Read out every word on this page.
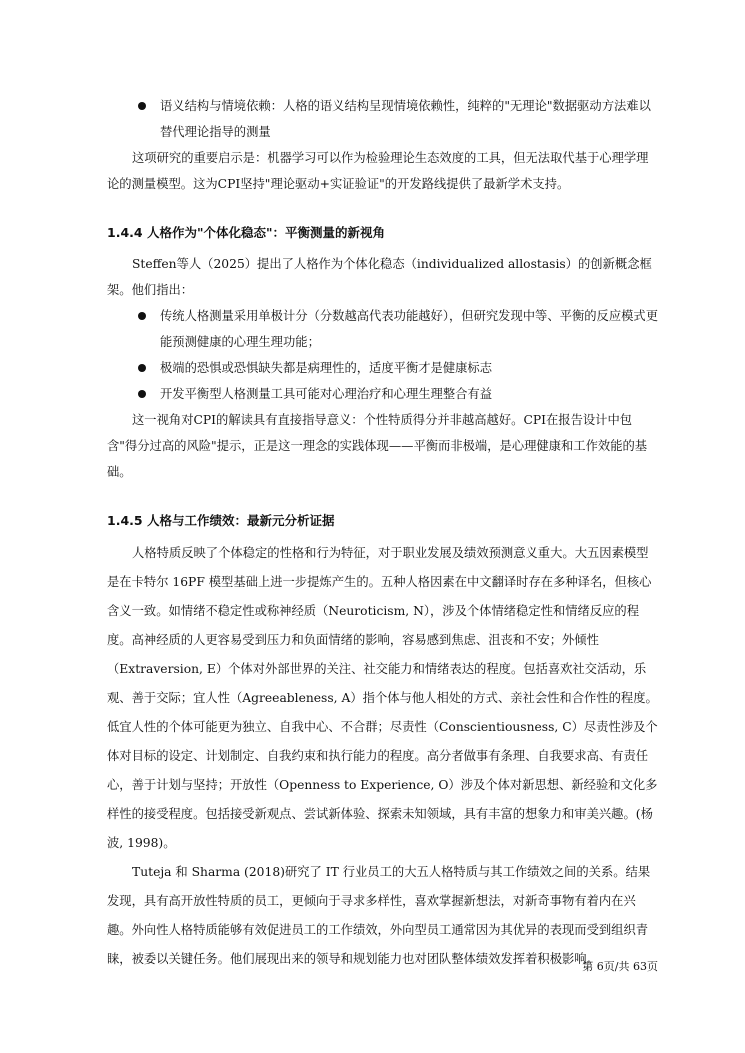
语义结构与情境依赖：人格的语义结构呈现情境依赖性，纯粹的"无理论"数据驱动方法难以替代理论指导的测量

这项研究的重要启示是：机器学习可以作为检验理论生态效度的工具，但无法取代基于心理学理论的测量模型。这为CPI坚持"理论驱动+实证验证"的开发路线提供了最新学术支持。

1.4.4 人格作为"个体化稳态"：平衡测量的新视角

Steffen等人（2025）提出了人格作为个体化稳态（individualized allostasis）的创新概念框架。他们指出：

传统人格测量采用单极计分（分数越高代表功能越好），但研究发现中等、平衡的反应模式更能预测健康的心理生理功能；

极端的恐惧或恐惧缺失都是病理性的，适度平衡才是健康标志

开发平衡型人格测量工具可能对心理治疗和心理生理整合有益

这一视角对CPI的解读具有直接指导意义：个性特质得分并非越高越好。CPI在报告设计中包含"得分过高的风险"提示，正是这一理念的实践体现——平衡而非极端，是心理健康和工作效能的基础。

1.4.5 人格与工作绩效：最新元分析证据

人格特质反映了个体稳定的性格和行为特征，对于职业发展及绩效预测意义重大。大五因素模型是在卡特尔 16PF 模型基础上进一步提炼产生的。五种人格因素在中文翻译时存在多种译名，但核心含义一致。如情绪不稳定性或称神经质（Neuroticism, N），涉及个体情绪稳定性和情绪反应的程度。高神经质的人更容易受到压力和负面情绪的影响，容易感到焦虑、沮丧和不安；外倾性（Extraversion, E）个体对外部世界的关注、社交能力和情绪表达的程度。包括喜欢社交活动，乐观、善于交际；宜人性（Agreeableness, A）指个体与他人相处的方式、亲社会性和合作性的程度。低宜人性的个体可能更为独立、自我中心、不合群；尽责性（Conscientiousness, C）尽责性涉及个体对目标的设定、计划制定、自我约束和执行能力的程度。高分者做事有条理、自我要求高、有责任心，善于计划与坚持；开放性（Openness to Experience, O）涉及个体对新思想、新经验和文化多样性的接受程度。包括接受新观点、尝试新体验、探索未知领域，具有丰富的想象力和审美兴趣。(杨波, 1998)。

Tuteja 和 Sharma (2018)研究了 IT 行业员工的大五人格特质与其工作绩效之间的关系。结果发现，具有高开放性特质的员工，更倾向于寻求多样性，喜欢掌握新想法，对新奇事物有着内在兴趣。外向性人格特质能够有效促进员工的工作绩效，外向型员工通常因为其优异的表现而受到组织青睐，被委以关键任务。他们展现出来的领导和规划能力也对团队整体绩效发挥着积极影响。

第 6页/共 63页
